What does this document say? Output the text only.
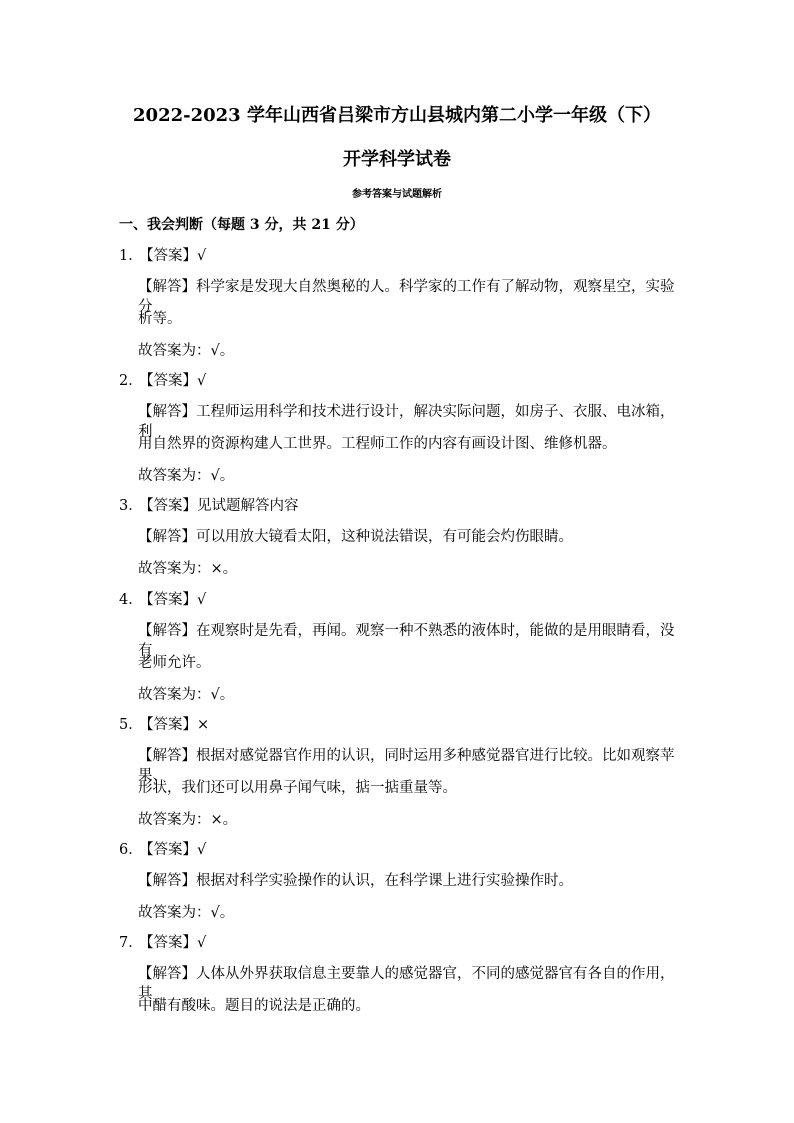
2022-2023 学年山西省吕梁市方山县城内第二小学一年级（下）
开学科学试卷
参考答案与试题解析
一、我会判断（每题 3 分，共 21 分）
1．【答案】√
【解答】科学家是发现大自然奥秘的人。科学家的工作有了解动物，观察星空，实验分
析等。
故答案为：√。
2．【答案】√
【解答】工程师运用科学和技术进行设计，解决实际问题，如房子、衣服、电冰箱，利
用自然界的资源构建人工世界。工程师工作的内容有画设计图、维修机器。
故答案为：√。
3．【答案】见试题解答内容
【解答】可以用放大镜看太阳，这种说法错误，有可能会灼伤眼睛。
故答案为：×。
4．【答案】√
【解答】在观察时是先看，再闻。观察一种不熟悉的液体时，能做的是用眼睛看，没有
老师允许。
故答案为：√。
5．【答案】×
【解答】根据对感觉器官作用的认识，同时运用多种感觉器官进行比较。比如观察苹果、
形状，我们还可以用鼻子闻气味，掂一掂重量等。
故答案为：×。
6．【答案】√
【解答】根据对科学实验操作的认识，在科学课上进行实验操作时。
故答案为：√。
7．【答案】√
【解答】人体从外界获取信息主要靠人的感觉器官，不同的感觉器官有各自的作用，其
中醋有酸味。题目的说法是正确的。
